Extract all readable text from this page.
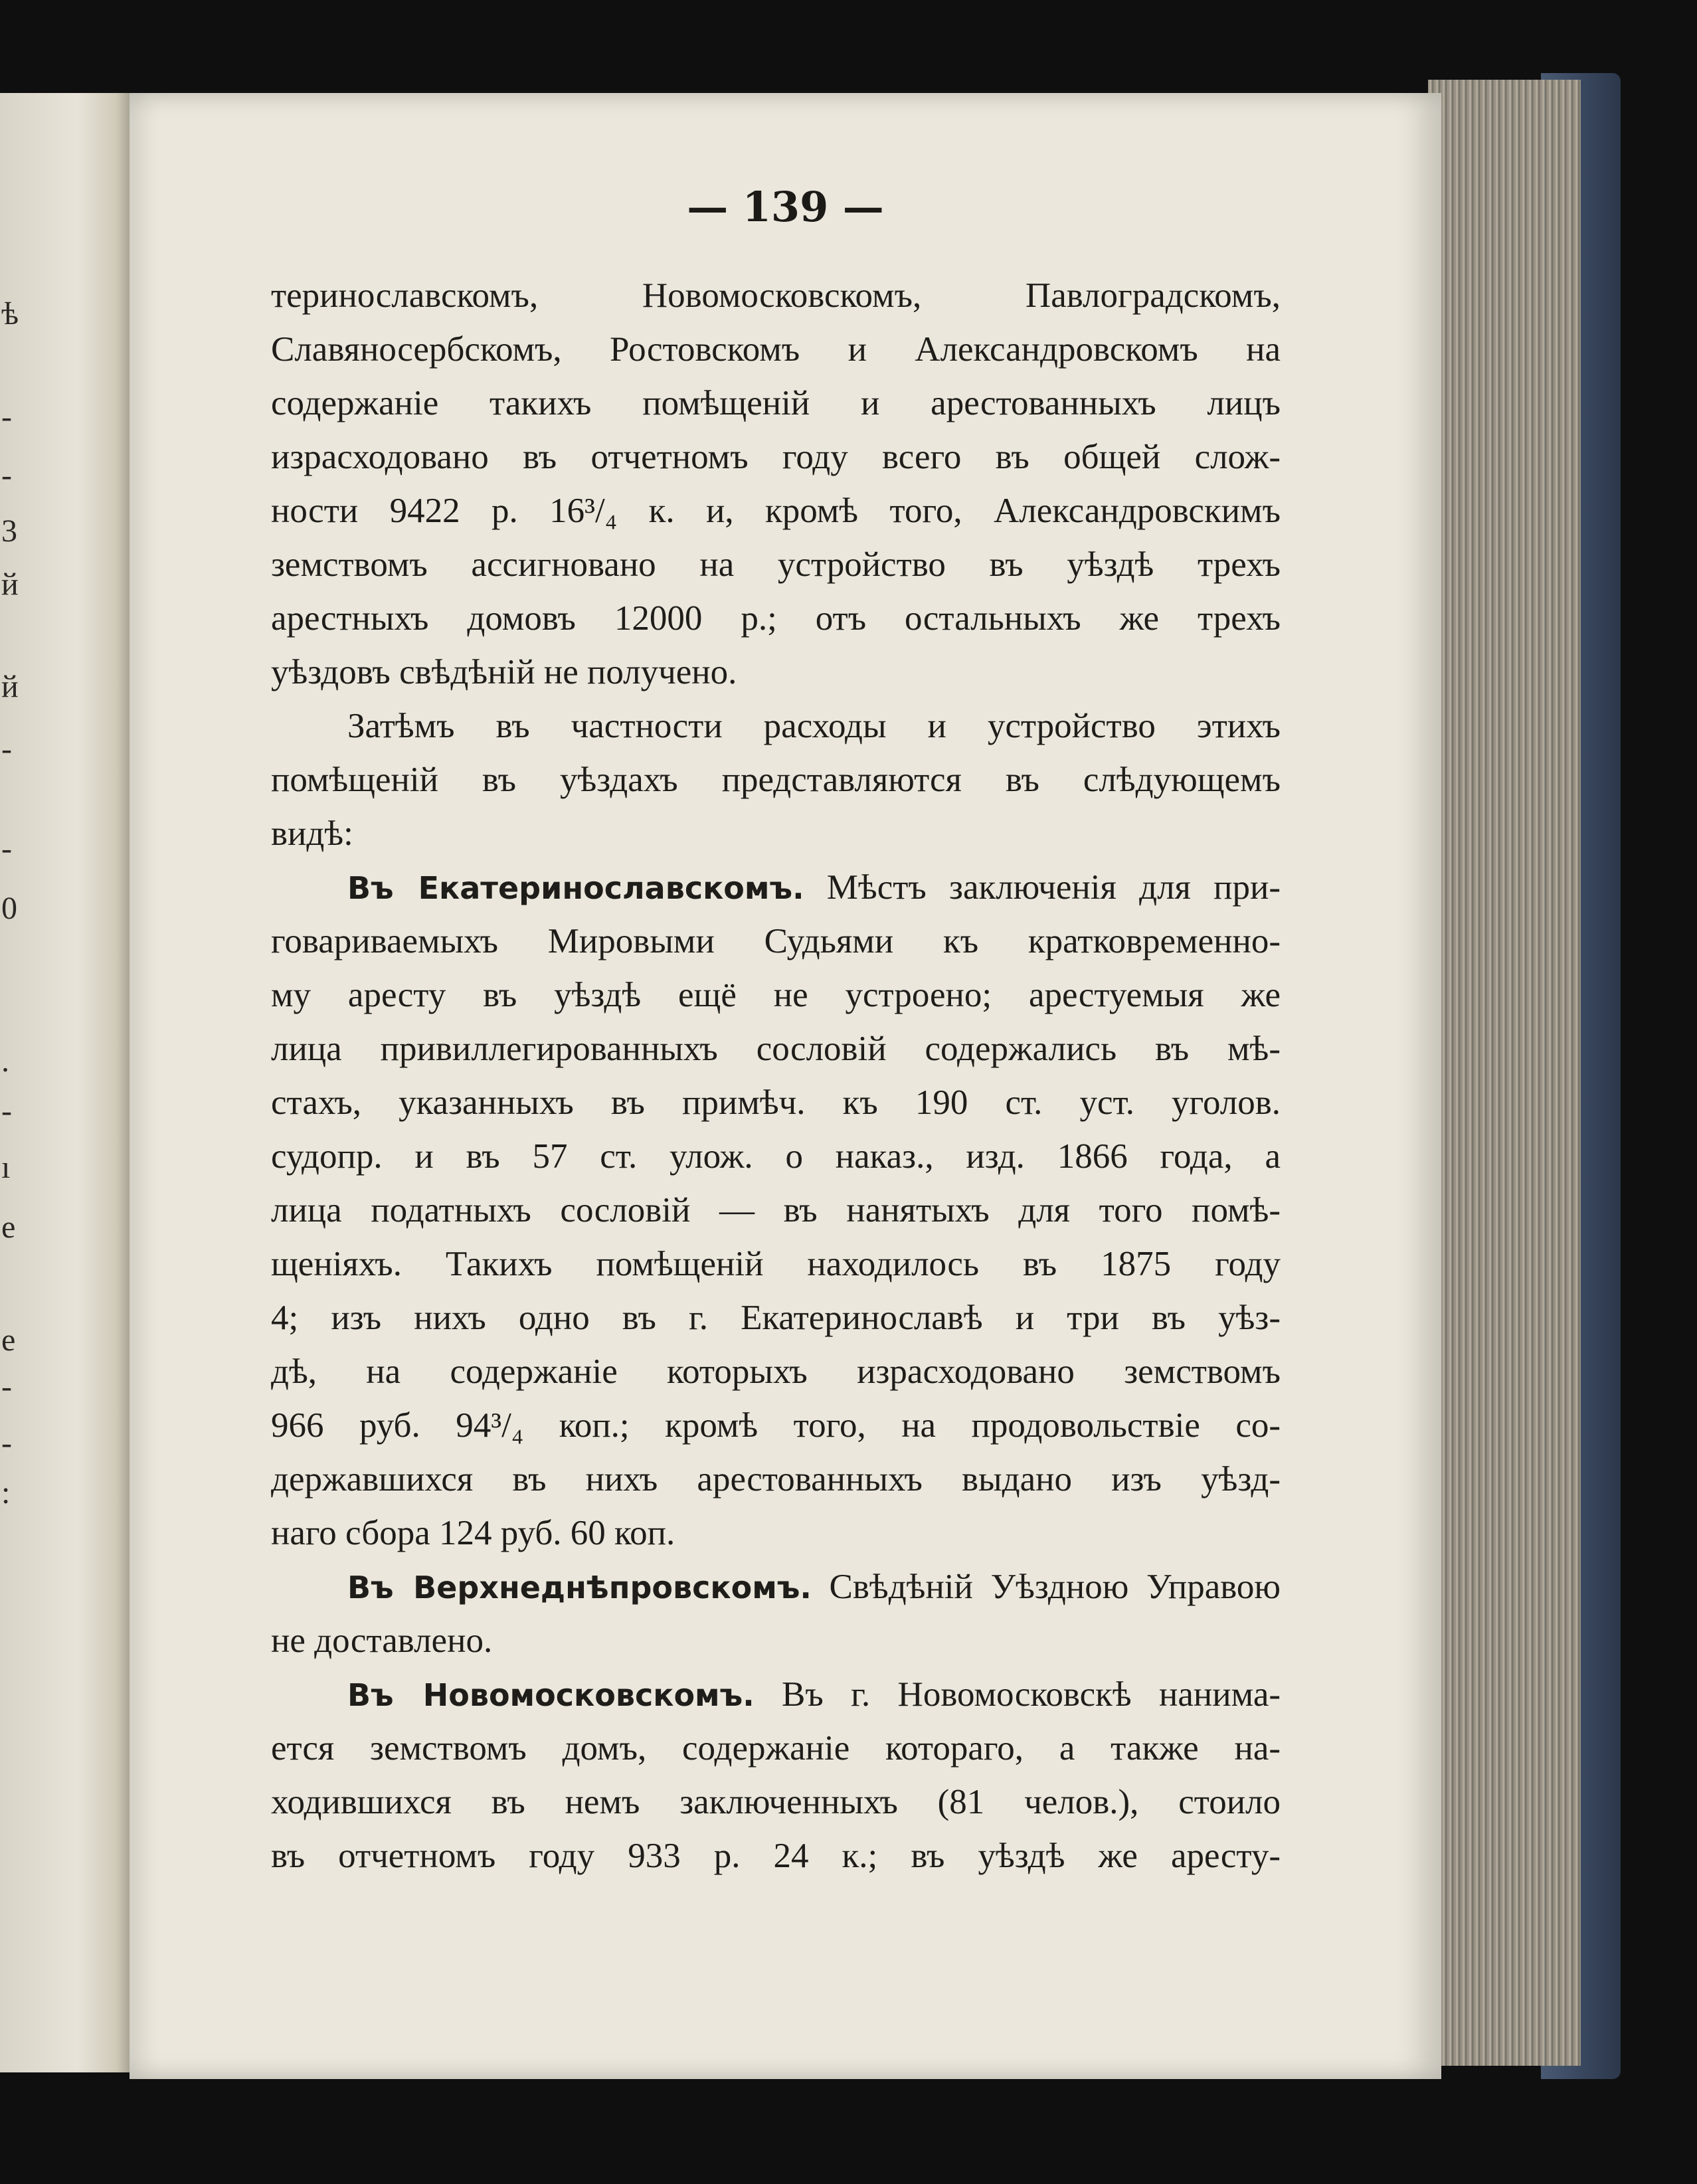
ѣ
-
-
3
й
й
-
-
0
.
-
ı
e
e
-
-
:
— 139 —
теринославскомъ, Новомосковскомъ, Павлоградскомъ,
Славяносербскомъ, Ростовскомъ и Александровскомъ на
содержаніе такихъ помѣщеній и арестованныхъ лицъ
израсходовано въ отчетномъ году всего въ общей слож-
ности 9422 р. 16³/₄ к. и, кромѣ того, Александровскимъ
земствомъ ассигновано на устройство въ уѣздѣ трехъ
арестныхъ домовъ 12000 р.; отъ остальныхъ же трехъ
уѣздовъ свѣдѣній не получено.
Затѣмъ въ частности расходы и устройство этихъ
помѣщеній въ уѣздахъ представляются въ слѣдующемъ
видѣ:
Въ Екатеринославскомъ. Мѣстъ заключенія для при-
говариваемыхъ Мировыми Судьями къ кратковременно-
му аресту въ уѣздѣ ещё не устроено; арестуемыя же
лица привиллегированныхъ сословій содержались въ мѣ-
стахъ, указанныхъ въ примѣч. къ 190 ст. уст. уголов.
судопр. и въ 57 ст. улож. о наказ., изд. 1866 года, а
лица податныхъ сословій — въ нанятыхъ для того помѣ-
щеніяхъ. Такихъ помѣщеній находилось въ 1875 году
4; изъ нихъ одно въ г. Екатеринославѣ и три въ уѣз-
дѣ, на содержаніе которыхъ израсходовано земствомъ
966 руб. 94³/₄ коп.; кромѣ того, на продовольствіе со-
державшихся въ нихъ арестованныхъ выдано изъ уѣзд-
наго сбора 124 руб. 60 коп.
Въ Верхнеднѣпровскомъ. Свѣдѣній Уѣздною Управою
не доставлено.
Въ Новомосковскомъ. Въ г. Новомосковскѣ нанима-
ется земствомъ домъ, содержаніе котораго, а также на-
ходившихся въ немъ заключенныхъ (81 челов.), стоило
въ отчетномъ году 933 р. 24 к.; въ уѣздѣ же аресту-
